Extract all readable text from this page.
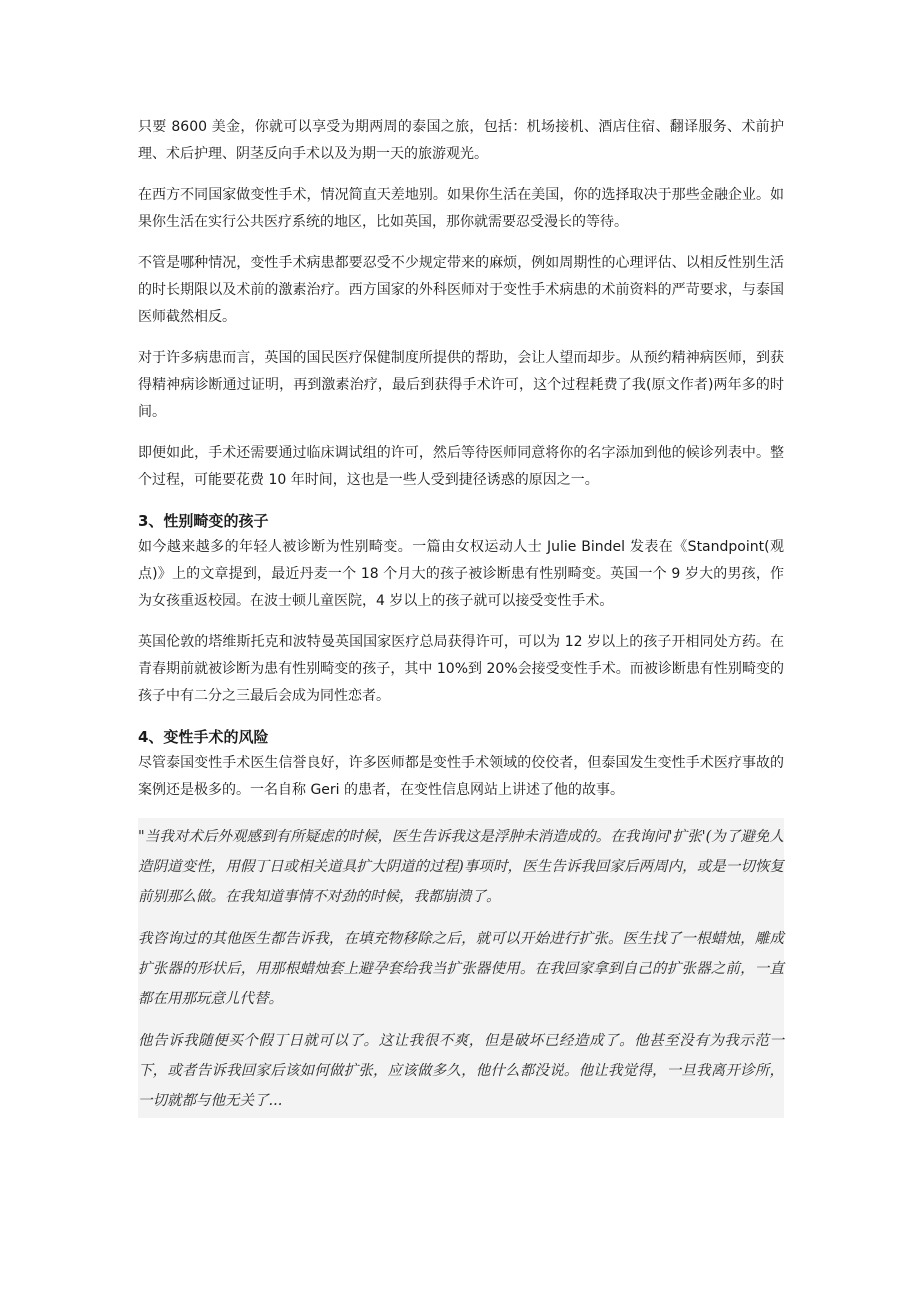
只要 8600 美金，你就可以享受为期两周的泰国之旅，包括：机场接机、酒店住宿、翻译服务、术前护理、术后护理、阴茎反向手术以及为期一天的旅游观光。

在西方不同国家做变性手术，情况简直天差地别。如果你生活在美国，你的选择取决于那些金融企业。如果你生活在实行公共医疗系统的地区，比如英国，那你就需要忍受漫长的等待。

不管是哪种情况，变性手术病患都要忍受不少规定带来的麻烦，例如周期性的心理评估、以相反性别生活的时长期限以及术前的激素治疗。西方国家的外科医师对于变性手术病患的术前资料的严苛要求，与泰国医师截然相反。

对于许多病患而言，英国的国民医疗保健制度所提供的帮助，会让人望而却步。从预约精神病医师，到获得精神病诊断通过证明，再到激素治疗，最后到获得手术许可，这个过程耗费了我(原文作者)两年多的时间。

即便如此，手术还需要通过临床调试组的许可，然后等待医师同意将你的名字添加到他的候诊列表中。整个过程，可能要花费 10 年时间，这也是一些人受到捷径诱惑的原因之一。

3、性别畸变的孩子

如今越来越多的年轻人被诊断为性别畸变。一篇由女权运动人士 Julie Bindel 发表在《Standpoint(观点)》上的文章提到，最近丹麦一个 18 个月大的孩子被诊断患有性别畸变。英国一个 9 岁大的男孩，作为女孩重返校园。在波士顿儿童医院，4 岁以上的孩子就可以接受变性手术。

英国伦敦的塔维斯托克和波特曼英国国家医疗总局获得许可，可以为 12 岁以上的孩子开相同处方药。在青春期前就被诊断为患有性别畸变的孩子，其中 10%到 20%会接受变性手术。而被诊断患有性别畸变的孩子中有二分之三最后会成为同性恋者。

4、变性手术的风险

尽管泰国变性手术医生信誉良好，许多医师都是变性手术领域的佼佼者，但泰国发生变性手术医疗事故的案例还是极多的。一名自称 Geri 的患者，在变性信息网站上讲述了他的故事。

"当我对术后外观感到有所疑虑的时候，医生告诉我这是浮肿未消造成的。在我询问'扩张'(为了避免人造阴道变性，用假丁日或相关道具扩大阴道的过程)事项时，医生告诉我回家后两周内，或是一切恢复前别那么做。在我知道事情不对劲的时候，我都崩溃了。

我咨询过的其他医生都告诉我，在填充物移除之后，就可以开始进行扩张。医生找了一根蜡烛，雕成扩张器的形状后，用那根蜡烛套上避孕套给我当扩张器使用。在我回家拿到自己的扩张器之前，一直都在用那玩意儿代替。

他告诉我随便买个假丁日就可以了。这让我很不爽，但是破坏已经造成了。他甚至没有为我示范一下，或者告诉我回家后该如何做扩张，应该做多久，他什么都没说。他让我觉得，一旦我离开诊所，一切就都与他无关了...
